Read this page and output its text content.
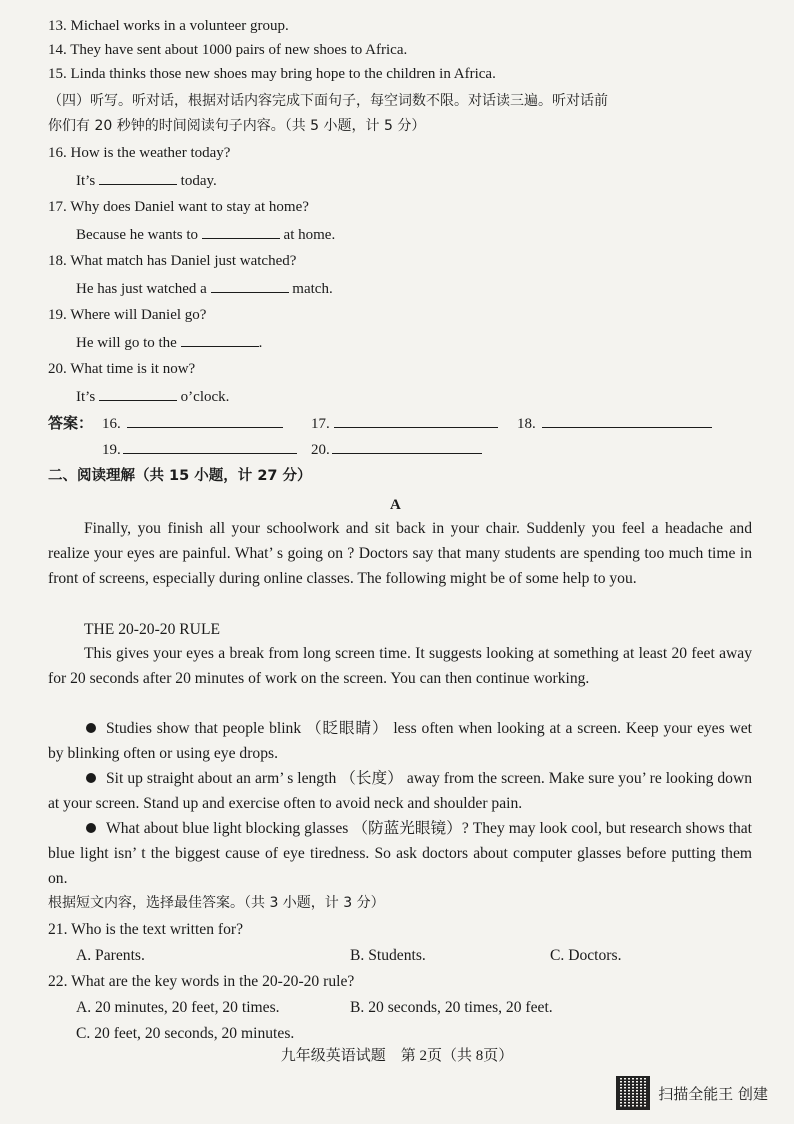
13. Michael works in a volunteer group.
14. They have sent about 1000 pairs of new shoes to Africa.
15. Linda thinks those new shoes may bring hope to the children in Africa.
（四）听写。听对话，根据对话内容完成下面句子，每空词数不限。对话读三遍。听对话前
你们有 20 秒钟的时间阅读句子内容。（共 5 小题，计 5 分）
16. How is the weather today?
It’s	today.
17. Why does Daniel want to stay at home?
Because he wants to	at home.
18. What match has Daniel just watched?
He has just watched a	match.
19. Where will Daniel go?
He will go to the	.
20. What time is it now?
It’s	o’clock.
答案： 16.	17.	18.
19.	20.
二、阅读理解（共 15 小题，计 27 分）
A

Finally, you finish all your schoolwork and sit back in your chair. Suddenly you feel a headache and realize your eyes are painful. What’ s going on ? Doctors say that many students are spending too much time in front of screens, especially during online classes. The following might be of some help to you.

THE 20-20-20 RULE

This gives your eyes a break from long screen time. It suggests looking at something at least 20 feet away for 20 seconds after 20 minutes of work on the screen. You can then continue working.

Studies show that people blink （眨眼睛） less often when looking at a screen. Keep your eyes wet by blinking often or using eye drops.

Sit up straight about an arm’ s length （长度） away from the screen. Make sure you’ re looking down at your screen. Stand up and exercise often to avoid neck and shoulder pain.

What about blue light blocking glasses （防蓝光眼镜）? They may look cool, but research shows that blue light isn’ t the biggest cause of eye tiredness. So ask doctors about computer glasses before putting them on.

根据短文内容，选择最佳答案。（共 3 小题，计 3 分）
21. Who is the text written for?
A. Parents.	B. Students.	C. Doctors.
22. What are the key words in the 20-20-20 rule?
A. 20 minutes, 20 feet, 20 times.	B. 20 seconds, 20 times, 20 feet.
C. 20 feet, 20 seconds, 20 minutes.
九年级英语试题　第 2页（共 8页）
扫描全能王 创建
